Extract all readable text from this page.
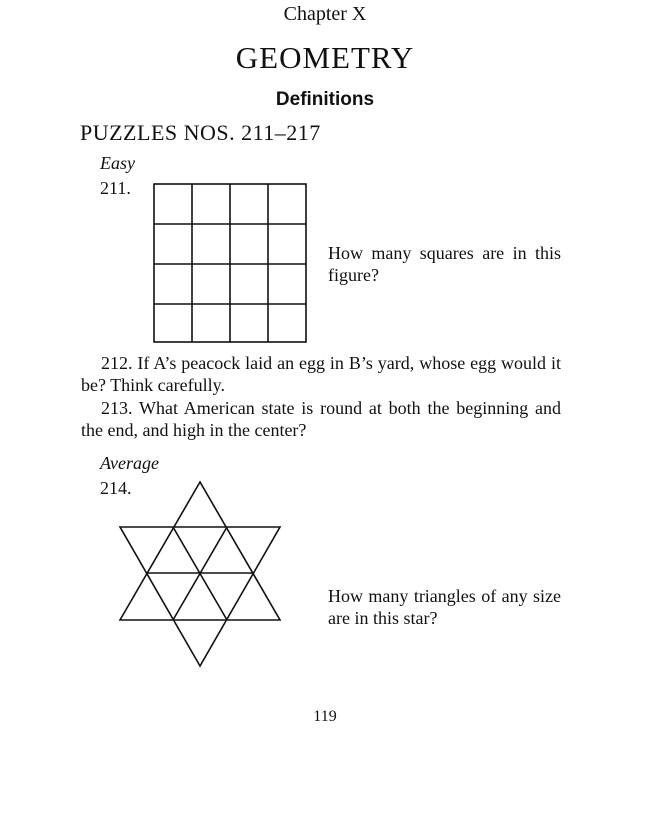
Chapter X
GEOMETRY
Definitions
PUZZLES NOS. 211–217
Easy
211.
How many squares are in this figure?
212. If A’s peacock laid an egg in B’s yard, whose egg would it be? Think carefully.
213. What American state is round at both the beginning and the end, and high in the center?
Average
214.
How many triangles of any size are in this star?
119
